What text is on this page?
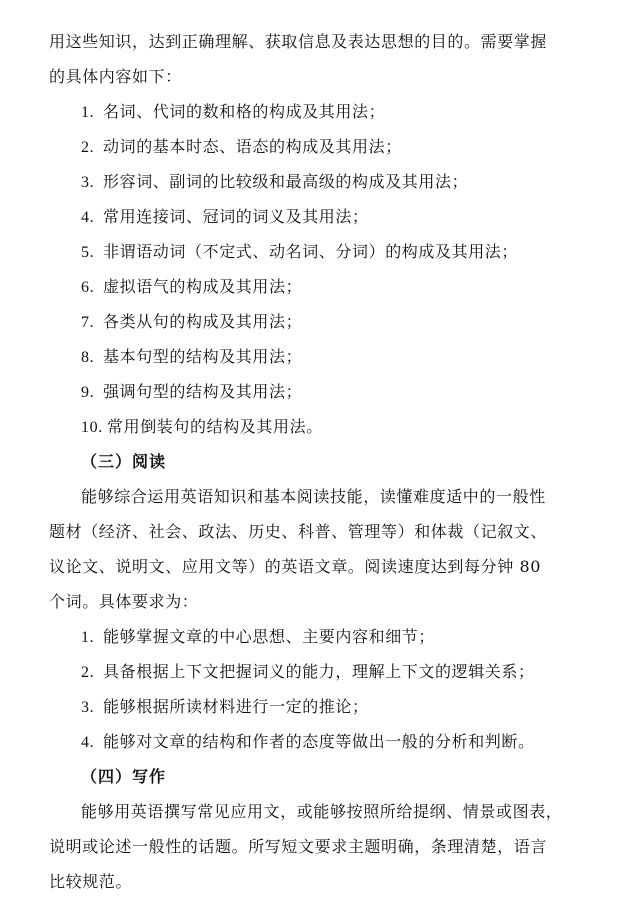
用这些知识，达到正确理解、获取信息及表达思想的目的。需要掌握
的具体内容如下：
1. 名词、代词的数和格的构成及其用法；
2. 动词的基本时态、语态的构成及其用法；
3. 形容词、副词的比较级和最高级的构成及其用法；
4. 常用连接词、冠词的词义及其用法；
5. 非谓语动词（不定式、动名词、分词）的构成及其用法；
6. 虚拟语气的构成及其用法；
7. 各类从句的构成及其用法；
8. 基本句型的结构及其用法；
9. 强调句型的结构及其用法；
10. 常用倒装句的结构及其用法。
（三）阅读
能够综合运用英语知识和基本阅读技能，读懂难度适中的一般性
题材（经济、社会、政法、历史、科普、管理等）和体裁（记叙文、
议论文、说明文、应用文等）的英语文章。阅读速度达到每分钟 80
个词。具体要求为：
1. 能够掌握文章的中心思想、主要内容和细节；
2. 具备根据上下文把握词义的能力，理解上下文的逻辑关系；
3. 能够根据所读材料进行一定的推论；
4. 能够对文章的结构和作者的态度等做出一般的分析和判断。
（四）写作
能够用英语撰写常见应用文，或能够按照所给提纲、情景或图表，
说明或论述一般性的话题。所写短文要求主题明确，条理清楚，语言
比较规范。
